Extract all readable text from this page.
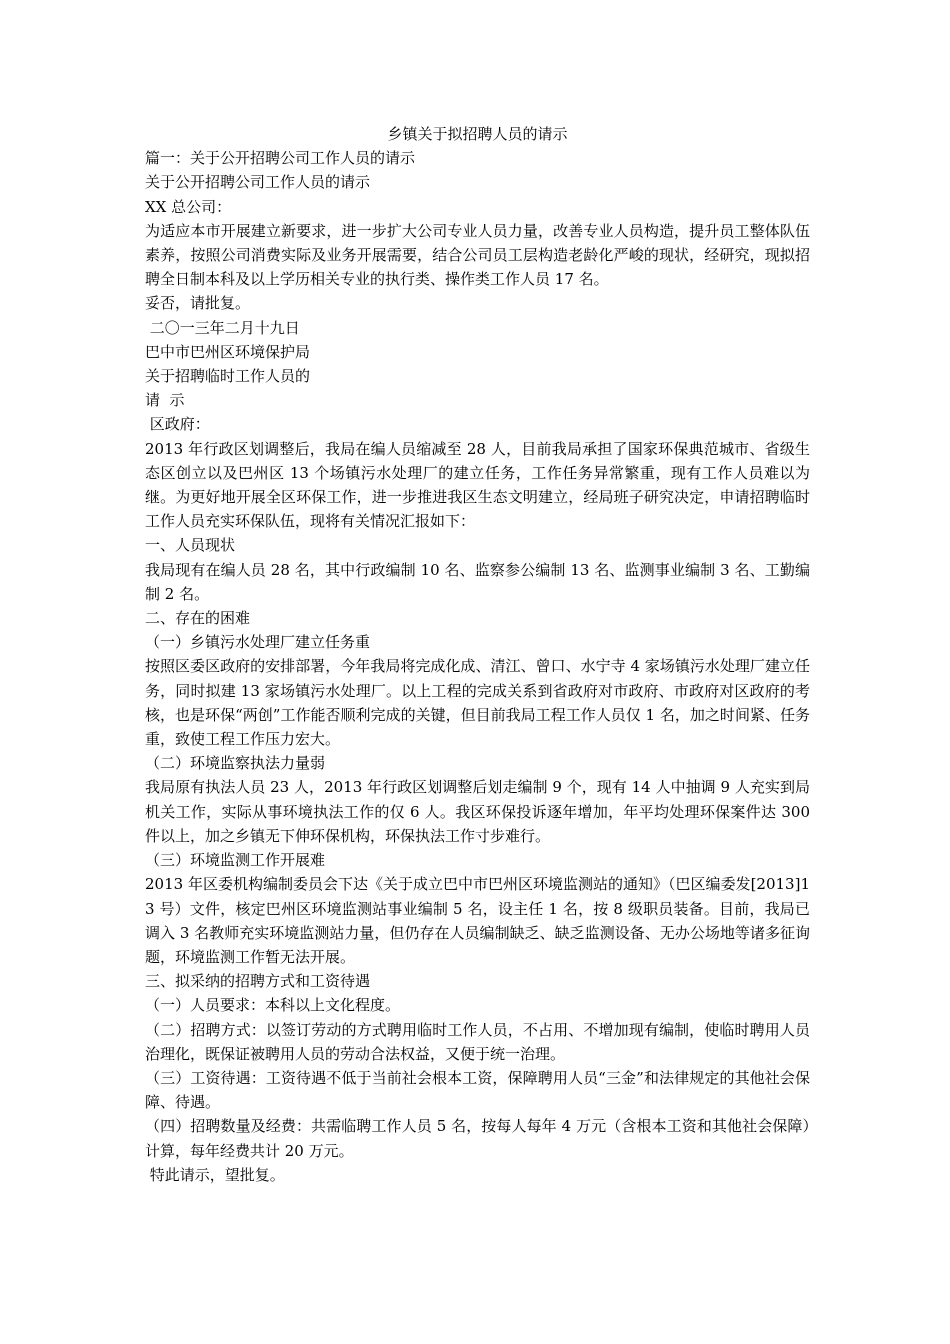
乡镇关于拟招聘人员的请示

篇一：关于公开招聘公司工作人员的请示

关于公开招聘公司工作人员的请示

XX 总公司：

为适应本市开展建立新要求，进一步扩大公司专业人员力量，改善专业人员构造，提升员工整体队伍素养，按照公司消费实际及业务开展需要，结合公司员工层构造老龄化严峻的现状，经研究，现拟招聘全日制本科及以上学历相关专业的执行类、操作类工作人员 17 名。

妥否，请批复。

二〇一三年二月十九日

巴中市巴州区环境保护局

关于招聘临时工作人员的

请  示

区政府：

2013 年行政区划调整后，我局在编人员缩减至 28 人，目前我局承担了国家环保典范城市、省级生态区创立以及巴州区 13 个场镇污水处理厂的建立任务，工作任务异常繁重，现有工作人员难以为继。为更好地开展全区环保工作，进一步推进我区生态文明建立，经局班子研究决定，申请招聘临时工作人员充实环保队伍，现将有关情况汇报如下：

一、人员现状

我局现有在编人员 28 名，其中行政编制 10 名、监察参公编制 13 名、监测事业编制 3 名、工勤编制 2 名。

二、存在的困难

（一）乡镇污水处理厂建立任务重

按照区委区政府的安排部署，今年我局将完成化成、清江、曾口、水宁寺 4 家场镇污水处理厂建立任务，同时拟建 13 家场镇污水处理厂。以上工程的完成关系到省政府对市政府、市政府对区政府的考核，也是环保“两创”工作能否顺利完成的关键，但目前我局工程工作人员仅 1 名，加之时间紧、任务重，致使工程工作压力宏大。

（二）环境监察执法力量弱

我局原有执法人员 23 人，2013 年行政区划调整后划走编制 9 个，现有 14 人中抽调 9 人充实到局机关工作，实际从事环境执法工作的仅 6 人。我区环保投诉逐年增加，年平均处理环保案件达 300 件以上，加之乡镇无下伸环保机构，环保执法工作寸步难行。

（三）环境监测工作开展难

2013 年区委机构编制委员会下达《关于成立巴中市巴州区环境监测站的通知》（巴区编委发[2013]13 号）文件，核定巴州区环境监测站事业编制 5 名，设主任 1 名，按 8 级职员装备。目前，我局已调入 3 名教师充实环境监测站力量，但仍存在人员编制缺乏、缺乏监测设备、无办公场地等诸多征询题，环境监测工作暂无法开展。

三、拟采纳的招聘方式和工资待遇

（一）人员要求：本科以上文化程度。

（二）招聘方式：以签订劳动的方式聘用临时工作人员，不占用、不增加现有编制，使临时聘用人员治理化，既保证被聘用人员的劳动合法权益，又便于统一治理。

（三）工资待遇：工资待遇不低于当前社会根本工资，保障聘用人员“三金”和法律规定的其他社会保障、待遇。

（四）招聘数量及经费：共需临聘工作人员 5 名，按每人每年 4 万元（含根本工资和其他社会保障）计算，每年经费共计 20 万元。

特此请示，望批复。
